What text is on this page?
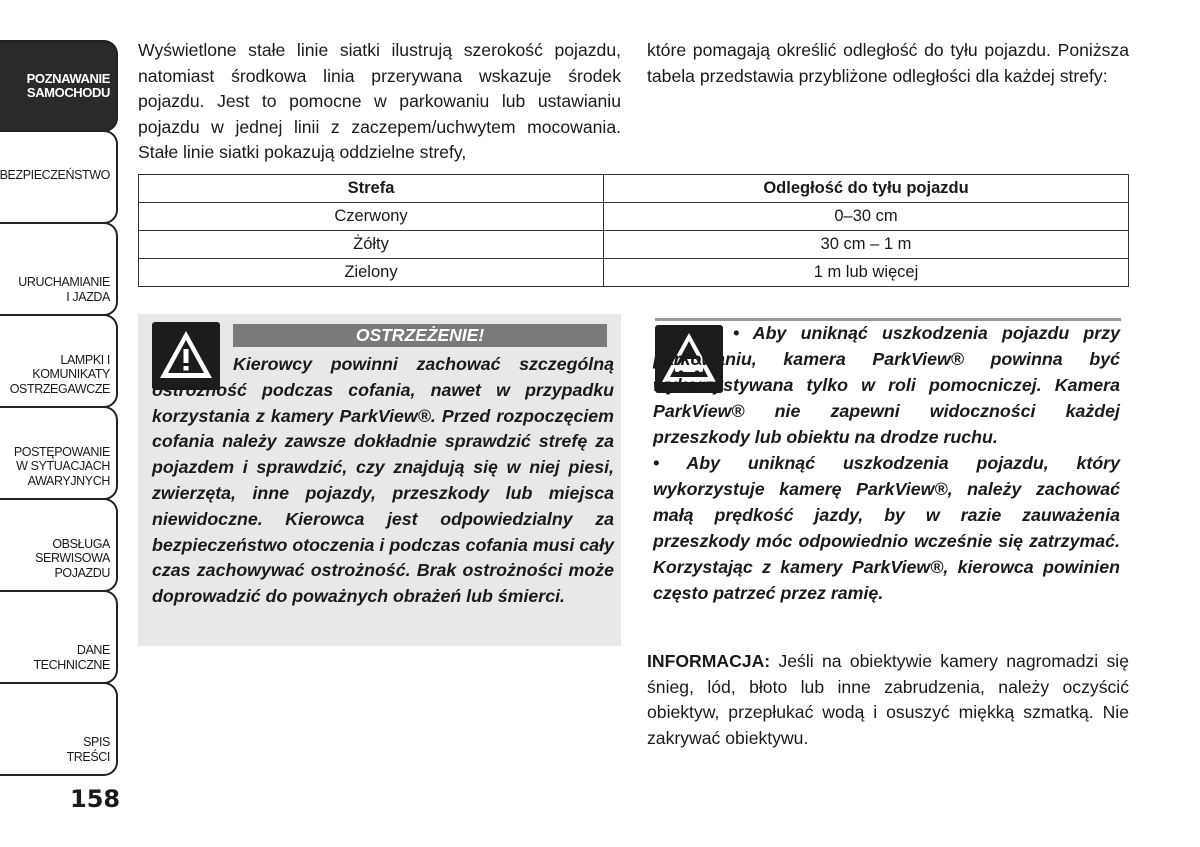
POZNAWANIE
SAMOCHODU
BEZPIECZEŃSTWO
URUCHAMIANIE
I JAZDA
LAMPKI I
KOMUNIKATY
OSTRZEGAWCZE
POSTĘPOWANIE
W SYTUACJACH
AWARYJNYCH
OBSŁUGA
SERWISOWA
POJAZDU
DANE
TECHNICZNE
SPIS
TREŚCI
158

Wyświetlone stałe linie siatki ilustrują szerokość pojazdu, natomiast środkowa linia przerywana wskazuje środek pojazdu. Jest to pomocne w parkowaniu lub ustawianiu pojazdu w jednej linii z zaczepem/uchwytem mocowania. Stałe linie siatki pokazują oddzielne strefy,

które pomagają określić odległość do tyłu pojazdu. Poniższa tabela przedstawia przybliżone odległości dla każdej strefy:

Strefa	Odległość do tyłu pojazdu
Czerwony	0–30 cm
Żółty	30 cm – 1 m
Zielony	1 m lub więcej
OSTRZEŻENIE!

Kierowcy powinni zachować szczególną ostrożność podczas cofania, nawet w przypadku korzystania z kamery ParkView®. Przed rozpoczęciem cofania należy zawsze dokładnie sprawdzić strefę za pojazdem i sprawdzić, czy znajdują się w niej piesi, zwierzęta, inne pojazdy, przeszkody lub miejsca niewidoczne. Kierowca jest odpowiedzialny za bezpieczeństwo otoczenia i podczas cofania musi cały czas zachowywać ostrożność. Brak ostrożności może doprowadzić do poważnych obrażeń lub śmierci.

• Aby uniknąć uszkodzenia pojazdu przy parkowaniu, kamera ParkView® powinna być wykorzystywana tylko w roli pomocniczej. Kamera ParkView® nie zapewni widoczności każdej przeszkody lub obiektu na drodze ruchu.
• Aby uniknąć uszkodzenia pojazdu, który wykorzystuje kamerę ParkView®, należy zachować małą prędkość jazdy, by w razie zauważenia przeszkody móc odpowiednio wcześnie się zatrzymać. Korzystając z kamery ParkView®, kierowca powinien często patrzeć przez ramię.

INFORMACJA: Jeśli na obiektywie kamery nagromadzi się śnieg, lód, błoto lub inne zabrudzenia, należy oczyścić obiektyw, przepłukać wodą i osuszyć miękką szmatką. Nie zakrywać obiektywu.
